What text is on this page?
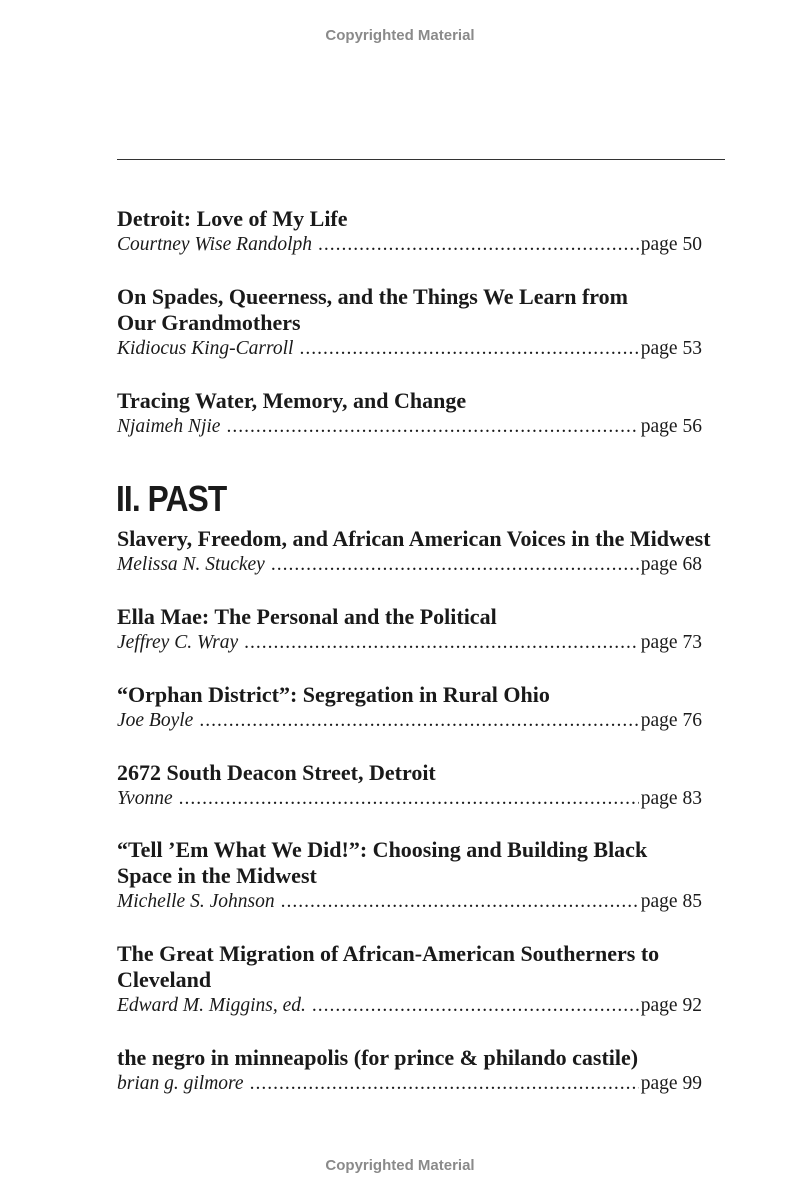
Copyrighted Material

Detroit: Love of My Life

Courtney Wise Randolph .....	page 50

On Spades, Queerness, and the Things We Learn from Our Grandmothers

Kidiocus King-Carroll .....	page 53

Tracing Water, Memory, and Change

Njaimeh Njie .....	page 56
II. PAST

Slavery, Freedom, and African American Voices in the Midwest

Melissa N. Stuckey .....	page 68

Ella Mae: The Personal and the Political

Jeffrey C. Wray .....	page 73

“Orphan District”: Segregation in Rural Ohio

Joe Boyle .....	page 76

2672 South Deacon Street, Detroit

Yvonne .....	page 83

“Tell ’Em What We Did!”: Choosing and Building Black Space in the Midwest

Michelle S. Johnson .....	page 85

The Great Migration of African-American Southerners to Cleveland

Edward M. Miggins, ed. .....	page 92

the negro in minneapolis (for prince & philando castile)

brian g. gilmore .....	page 99
Copyrighted Material
